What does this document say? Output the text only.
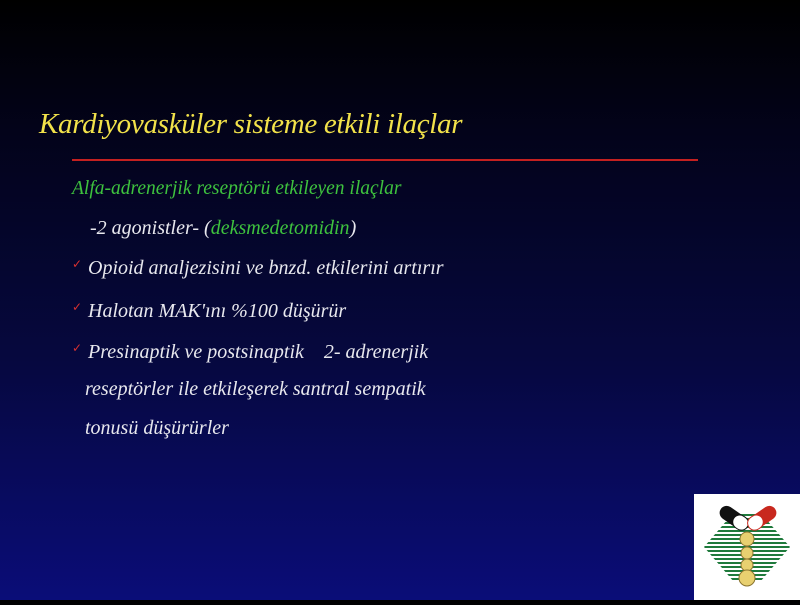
Kardiyovasküler sisteme etkili ilaçlar
Alfa-adrenerjik reseptörü etkileyen ilaçlar
-2 agonistler- (deksmedetomidin)
✓ Opioid analjezisini ve bnzd. etkilerini artırır
✓ Halotan MAK'ını %100 düşürür
✓ Presinaptik ve postsinaptik    2- adrenerjik
reseptörler ile etkileşerek santral sempatik
tonusü düşürürler
